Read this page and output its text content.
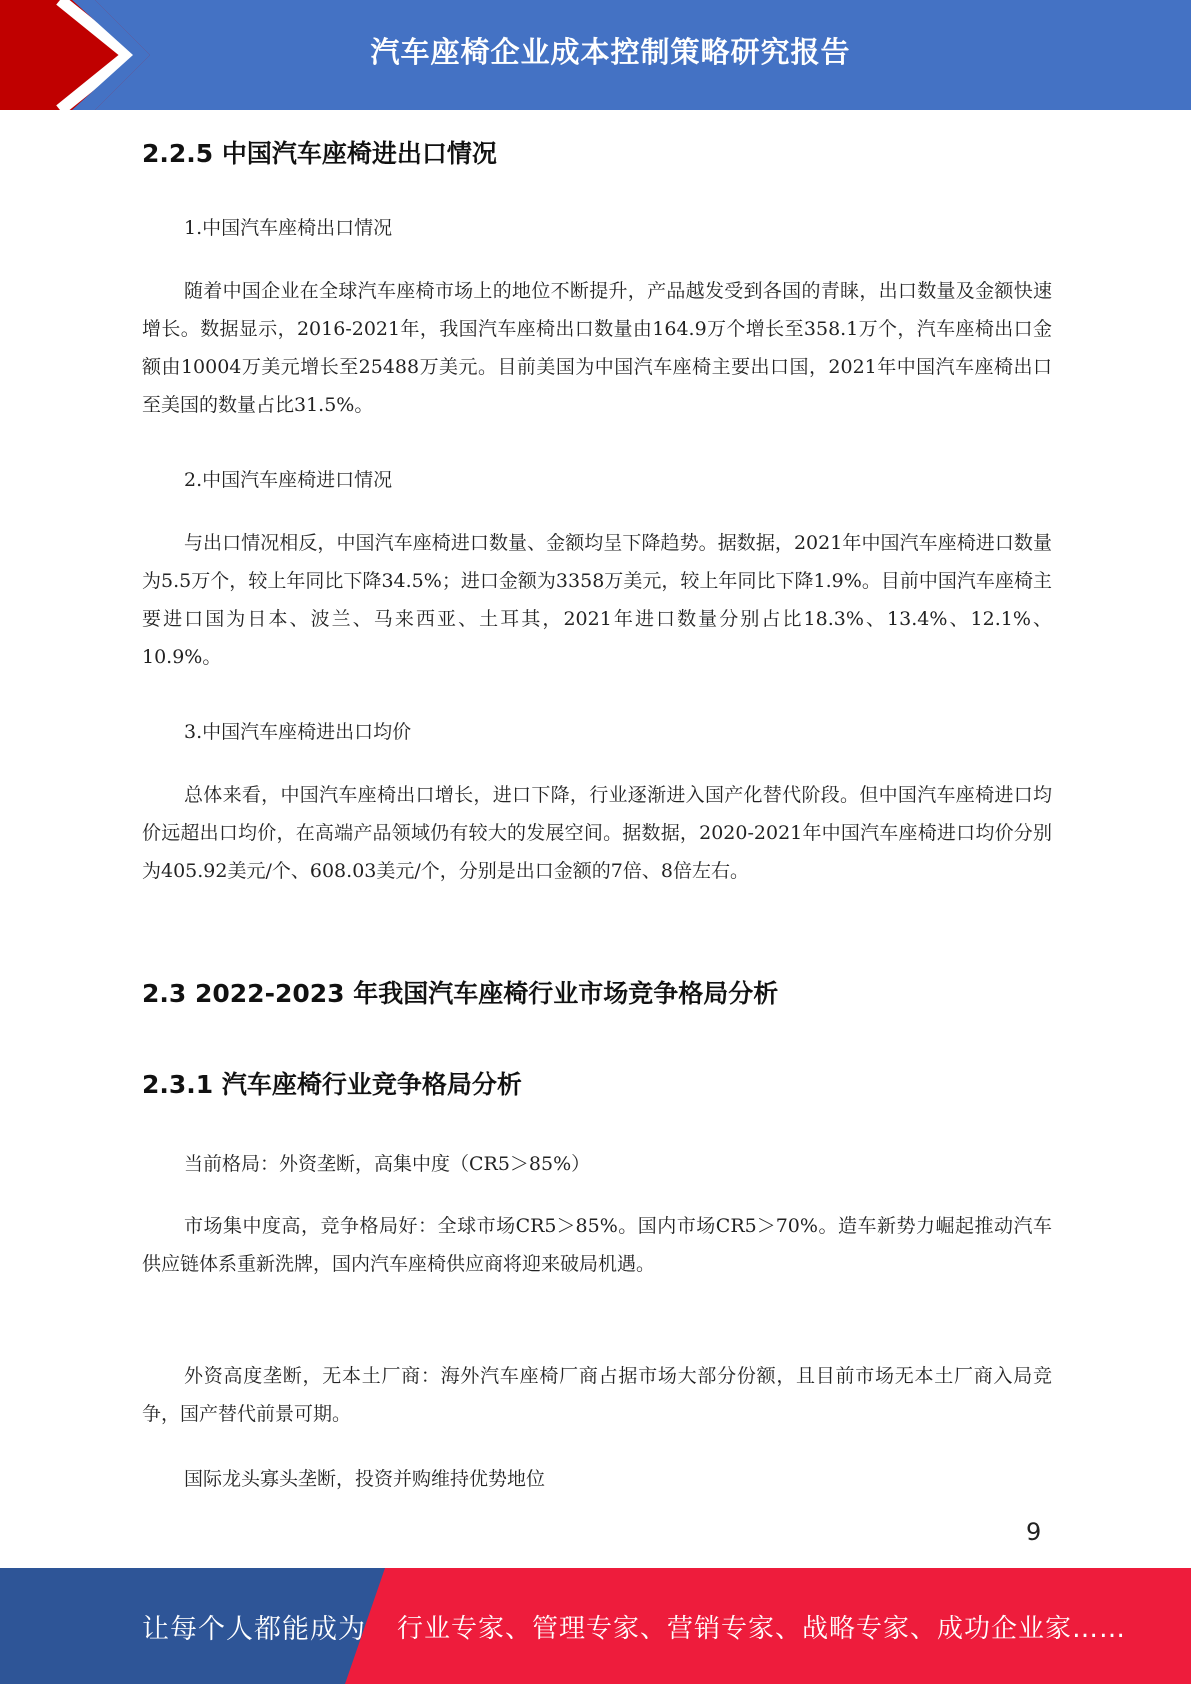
汽车座椅企业成本控制策略研究报告
2.2.5 中国汽车座椅进出口情况
1.中国汽车座椅出口情况
随着中国企业在全球汽车座椅市场上的地位不断提升，产品越发受到各国的青睐，出口数量及金额快速增长。数据显示，2016-2021年，我国汽车座椅出口数量由164.9万个增长至358.1万个，汽车座椅出口金额由10004万美元增长至25488万美元。目前美国为中国汽车座椅主要出口国，2021年中国汽车座椅出口至美国的数量占比31.5%。
2.中国汽车座椅进口情况
与出口情况相反，中国汽车座椅进口数量、金额均呈下降趋势。据数据，2021年中国汽车座椅进口数量为5.5万个，较上年同比下降34.5%；进口金额为3358万美元，较上年同比下降1.9%。目前中国汽车座椅主要进口国为日本、波兰、马来西亚、土耳其，2021年进口数量分别占比18.3%、13.4%、12.1%、10.9%。
3.中国汽车座椅进出口均价
总体来看，中国汽车座椅出口增长，进口下降，行业逐渐进入国产化替代阶段。但中国汽车座椅进口均价远超出口均价，在高端产品领域仍有较大的发展空间。据数据，2020-2021年中国汽车座椅进口均价分别为405.92美元/个、608.03美元/个，分别是出口金额的7倍、8倍左右。
2.3 2022-2023 年我国汽车座椅行业市场竞争格局分析
2.3.1 汽车座椅行业竞争格局分析
当前格局：外资垄断，高集中度（CR5＞85%）
市场集中度高，竞争格局好：全球市场CR5＞85%。国内市场CR5＞70%。造车新势力崛起推动汽车供应链体系重新洗牌，国内汽车座椅供应商将迎来破局机遇。
外资高度垄断，无本土厂商：海外汽车座椅厂商占据市场大部分份额，且目前市场无本土厂商入局竞争，国产替代前景可期。
国际龙头寡头垄断，投资并购维持优势地位
9
让每个人都能成为 行业专家、管理专家、营销专家、战略专家、成功企业家……
